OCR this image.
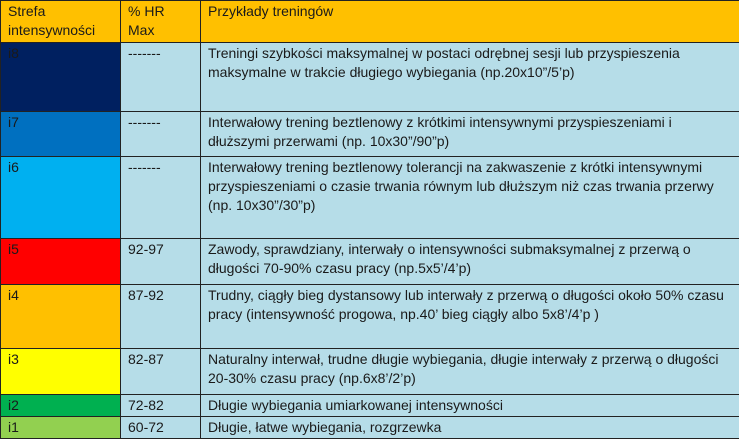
Strefa intensywności	% HR Max	Przykłady treningów
i8	-------	Treningi szybkości maksymalnej w postaci odrębnej sesji lub przyspieszenia maksymalne w trakcie długiego wybiegania (np.20x10”/5’p)
i7	-------	Interwałowy trening beztlenowy z krótkimi intensywnymi przyspieszeniami i dłuższymi przerwami (np. 10x30”/90”p)
i6	-------	Interwałowy trening beztlenowy tolerancji na zakwaszenie z krótki intensywnymi przyspieszeniami o czasie trwania równym lub dłuższym niż czas trwania przerwy (np. 10x30”/30”p)
i5	92-97	Zawody, sprawdziany, interwały o intensywności submaksymalnej z przerwą o długości 70-90% czasu pracy (np.5x5’/4’p)
i4	87-92	Trudny, ciągły bieg dystansowy lub interwały z przerwą o długości około 50% czasu pracy (intensywność progowa, np.40’ bieg ciągły albo 5x8’/4’p )
i3	82-87	Naturalny interwał, trudne długie wybiegania, długie interwały z przerwą o długości 20-30% czasu pracy (np.6x8’/2’p)
i2	72-82	Długie wybiegania umiarkowanej intensywności
i1	60-72	Długie, łatwe wybiegania, rozgrzewka
